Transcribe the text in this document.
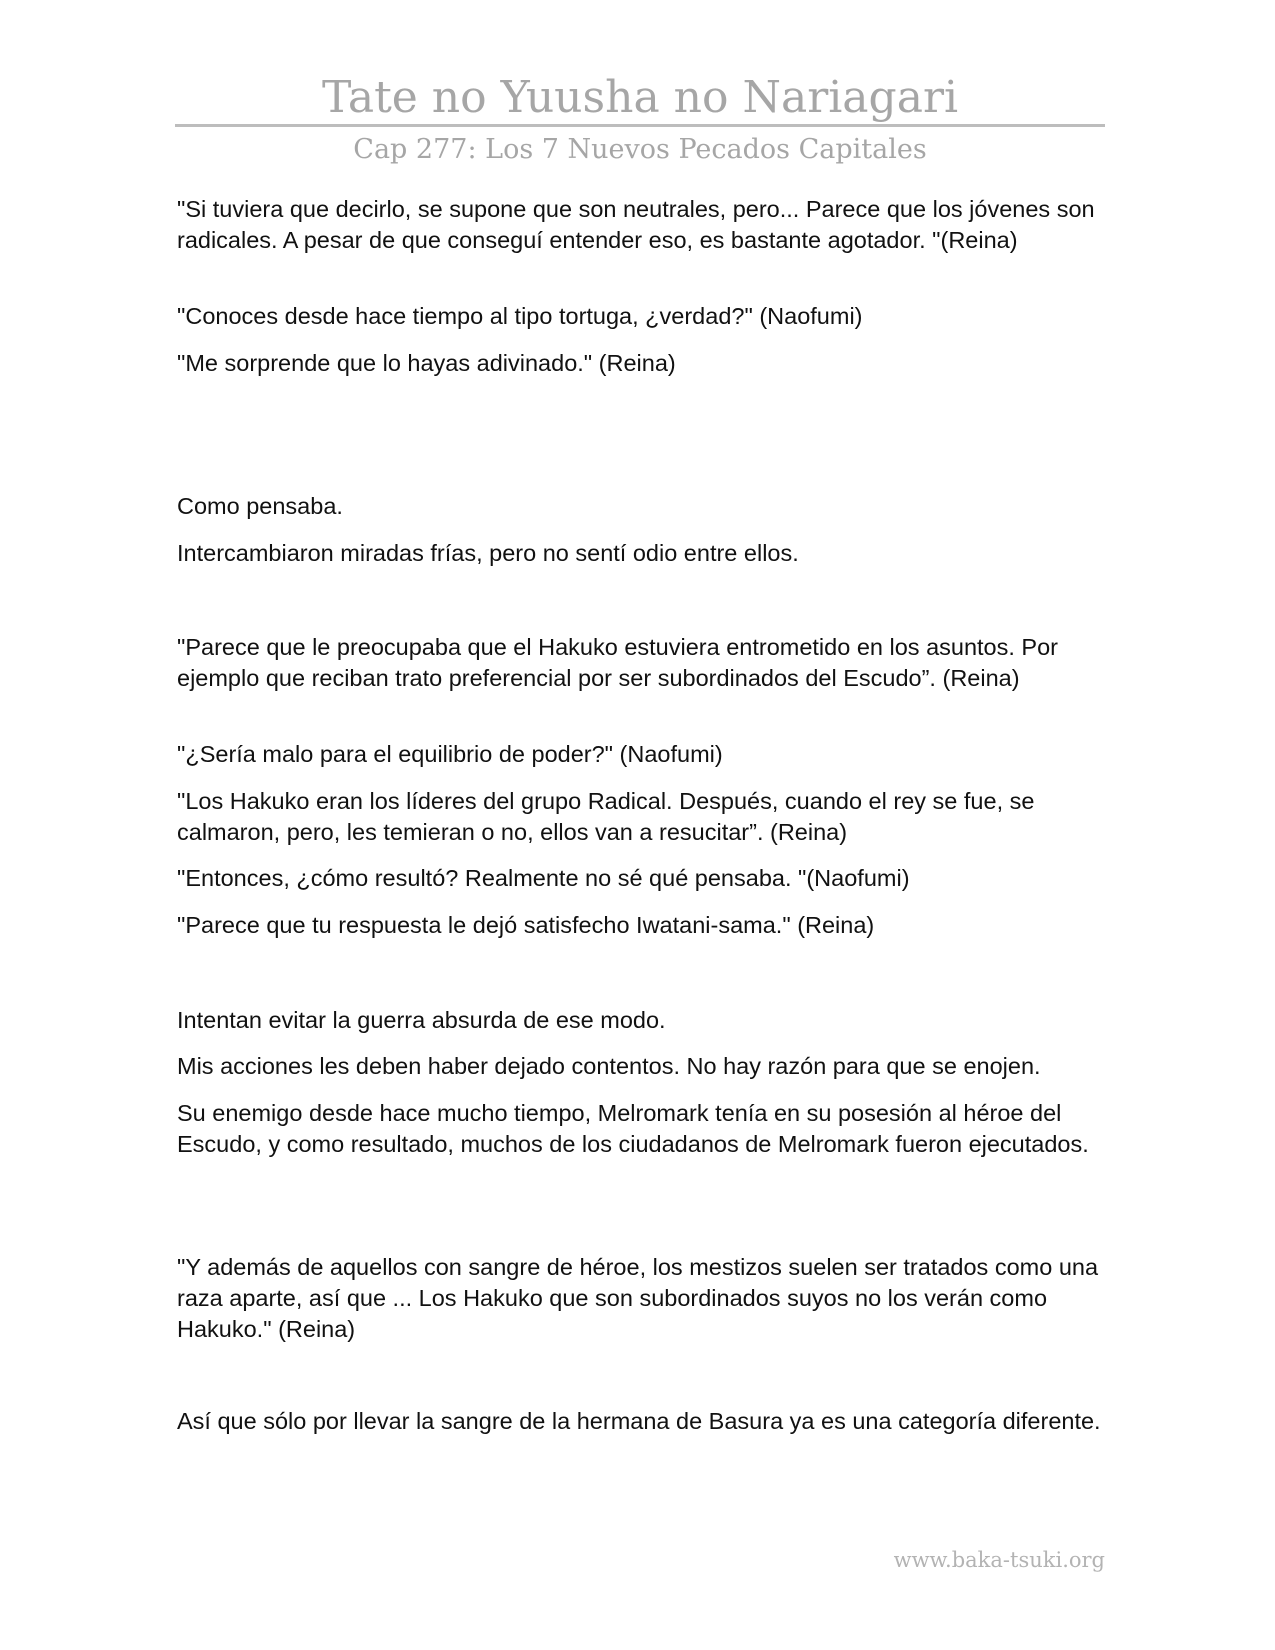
Tate no Yuusha no Nariagari
Cap 277: Los 7 Nuevos Pecados Capitales

"Si tuviera que decirlo, se supone que son neutrales, pero... Parece que los jóvenes son radicales. A pesar de que conseguí entender eso, es bastante agotador. "(Reina)

"Conoces desde hace tiempo al tipo tortuga, ¿verdad?" (Naofumi)

"Me sorprende que lo hayas adivinado." (Reina)

Como pensaba.

Intercambiaron miradas frías, pero no sentí odio entre ellos.

"Parece que le preocupaba que el Hakuko estuviera entrometido en los asuntos. Por ejemplo que reciban trato preferencial por ser subordinados del Escudo”. (Reina)

"¿Sería malo para el equilibrio de poder?" (Naofumi)

"Los Hakuko eran los líderes del grupo Radical. Después, cuando el rey se fue, se calmaron, pero, les temieran o no, ellos van a resucitar”. (Reina)

"Entonces, ¿cómo resultó? Realmente no sé qué pensaba. "(Naofumi)

"Parece que tu respuesta le dejó satisfecho Iwatani-sama." (Reina)

Intentan evitar la guerra absurda de ese modo.

Mis acciones les deben haber dejado contentos. No hay razón para que se enojen.

Su enemigo desde hace mucho tiempo, Melromark tenía en su posesión al héroe del Escudo, y como resultado, muchos de los ciudadanos de Melromark fueron ejecutados.

"Y además de aquellos con sangre de héroe, los mestizos suelen ser tratados como una raza aparte, así que ... Los Hakuko que son subordinados suyos no los verán como Hakuko." (Reina)

Así que sólo por llevar la sangre de la hermana de Basura ya es una categoría diferente.

www.baka-tsuki.org
